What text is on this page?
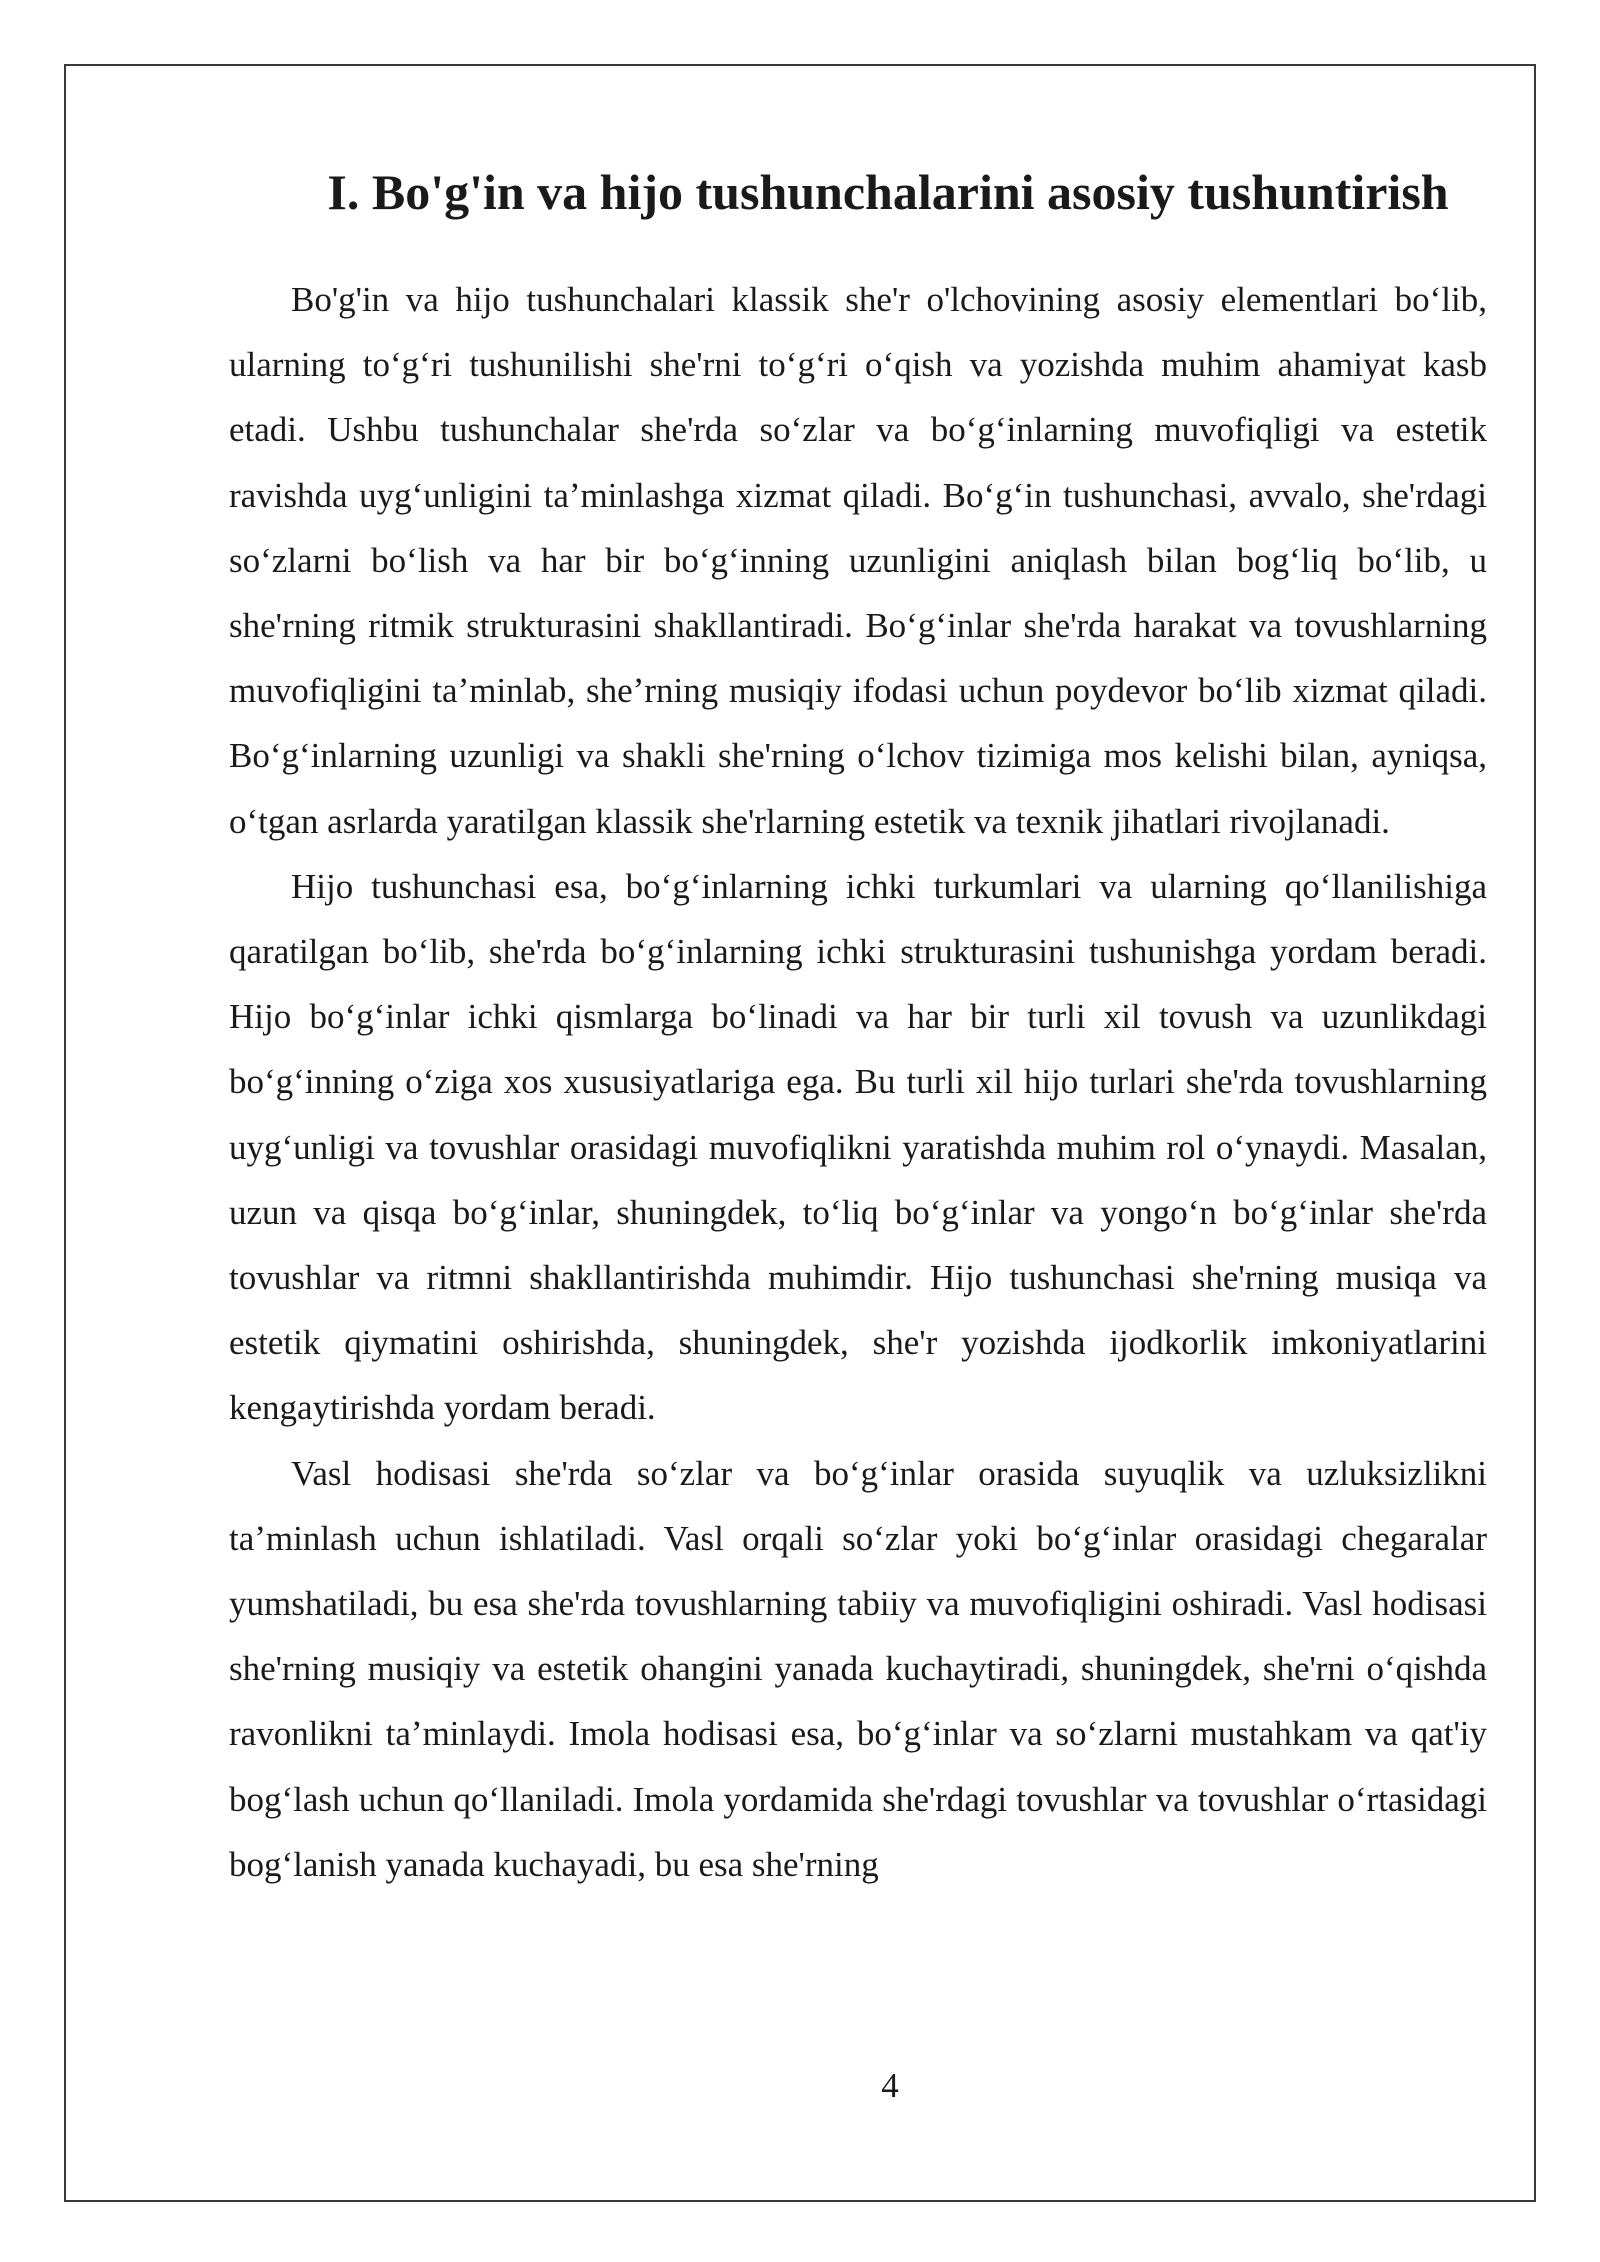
I. Bo'g'in va hijo tushunchalarini asosiy tushuntirish

Bo'g'in va hijo tushunchalari klassik she'r o'lchovining asosiy elementlari boʻlib, ularning toʻgʻri tushunilishi she'rni toʻgʻri oʻqish va yozishda muhim ahamiyat kasb etadi. Ushbu tushunchalar she'rda soʻzlar va boʻgʻinlarning muvofiqligi va estetik ravishda uygʻunligini taʼminlashga xizmat qiladi. Boʻgʻin tushunchasi, avvalo, she'rdagi soʻzlarni boʻlish va har bir boʻgʻinning uzunligini aniqlash bilan bogʻliq boʻlib, u she'rning ritmik strukturasini shakllantiradi. Boʻgʻinlar she'rda harakat va tovushlarning muvofiqligini taʼminlab, sheʼrning musiqiy ifodasi uchun poydevor boʻlib xizmat qiladi. Boʻgʻinlarning uzunligi va shakli she'rning oʻlchov tizimiga mos kelishi bilan, ayniqsa, oʻtgan asrlarda yaratilgan klassik she'rlarning estetik va texnik jihatlari rivojlanadi.

Hijo tushunchasi esa, boʻgʻinlarning ichki turkumlari va ularning qoʻllanilishiga qaratilgan boʻlib, she'rda boʻgʻinlarning ichki strukturasini tushunishga yordam beradi. Hijo boʻgʻinlar ichki qismlarga boʻlinadi va har bir turli xil tovush va uzunlikdagi boʻgʻinning oʻziga xos xususiyatlariga ega. Bu turli xil hijo turlari she'rda tovushlarning uygʻunligi va tovushlar orasidagi muvofiqlikni yaratishda muhim rol oʻynaydi. Masalan, uzun va qisqa boʻgʻinlar, shuningdek, toʻliq boʻgʻinlar va yongoʻn boʻgʻinlar she'rda tovushlar va ritmni shakllantirishda muhimdir. Hijo tushunchasi she'rning musiqa va estetik qiymatini oshirishda, shuningdek, she'r yozishda ijodkorlik imkoniyatlarini kengaytirishda yordam beradi.

Vasl hodisasi she'rda soʻzlar va boʻgʻinlar orasida suyuqlik va uzluksizlikni taʼminlash uchun ishlatiladi. Vasl orqali soʻzlar yoki boʻgʻinlar orasidagi chegaralar yumshatiladi, bu esa she'rda tovushlarning tabiiy va muvofiqligini oshiradi. Vasl hodisasi she'rning musiqiy va estetik ohangini yanada kuchaytiradi, shuningdek, she'rni oʻqishda ravonlikni taʼminlaydi. Imola hodisasi esa, boʻgʻinlar va soʻzlarni mustahkam va qat'iy bogʻlash uchun qoʻllaniladi. Imola yordamida she'rdagi tovushlar va tovushlar oʻrtasidagi bogʻlanish yanada kuchayadi, bu esa she'rning

4
